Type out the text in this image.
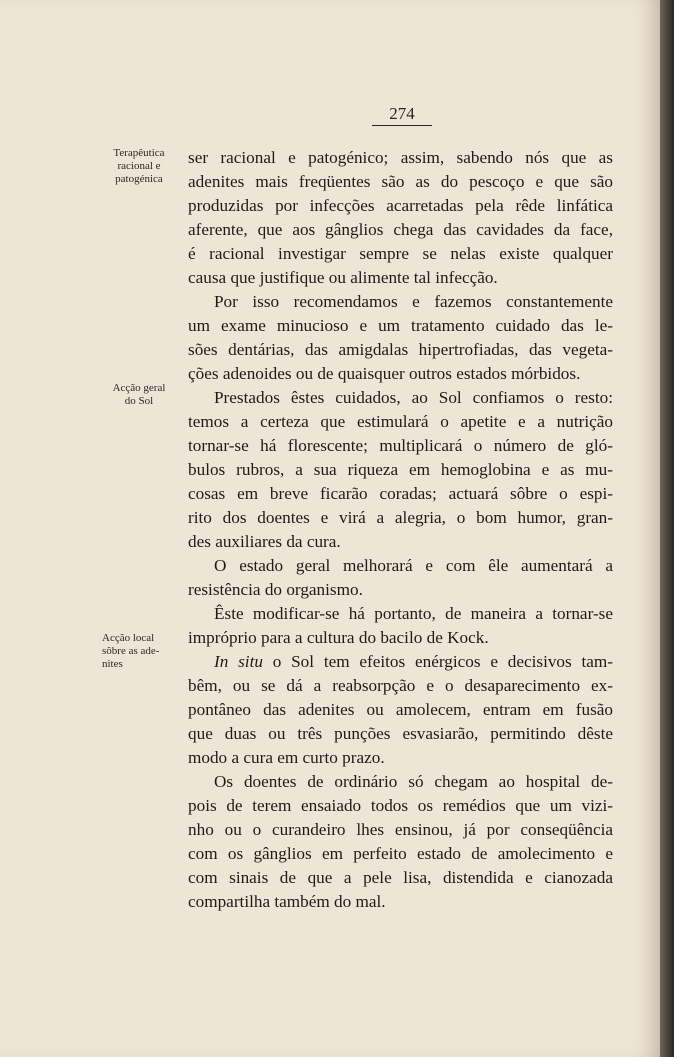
274
Terapêutica
racional e
patogénica
Acção geral
do Sol
Acção local
sôbre as ade-
nites
ser racional e patogénico; assim, sabendo nós que as
adenites mais freqüentes são as do pescoço e que são
produzidas por infecções acarretadas pela rêde linfática
aferente, que aos gânglios chega das cavidades da face,
é racional investigar sempre se nelas existe qualquer
causa que justifique ou alimente tal infecção.
Por isso recomendamos e fazemos constantemente
um exame minucioso e um tratamento cuidado das le-
sões dentárias, das amigdalas hipertrofiadas, das vegeta-
ções adenoides ou de quaisquer outros estados mórbidos.
Prestados êstes cuidados, ao Sol confiamos o resto:
temos a certeza que estimulará o apetite e a nutrição
tornar-se há florescente; multiplicará o número de gló-
bulos rubros, a sua riqueza em hemoglobina e as mu-
cosas em breve ficarão coradas; actuará sôbre o espi-
rito dos doentes e virá a alegria, o bom humor, gran-
des auxiliares da cura.
O estado geral melhorará e com êle aumentará a
resistência do organismo.
Êste modificar-se há portanto, de maneira a tornar-se
impróprio para a cultura do bacilo de Kock.
In situ o Sol tem efeitos enérgicos e decisivos tam-
bêm, ou se dá a reabsorpção e o desaparecimento ex-
pontâneo das adenites ou amolecem, entram em fusão
que duas ou três punções esvasiarão, permitindo dêste
modo a cura em curto prazo.
Os doentes de ordinário só chegam ao hospital de-
pois de terem ensaiado todos os remédios que um vizi-
nho ou o curandeiro lhes ensinou, já por conseqüência
com os gânglios em perfeito estado de amolecimento e
com sinais de que a pele lisa, distendida e cianozada
compartilha também do mal.
